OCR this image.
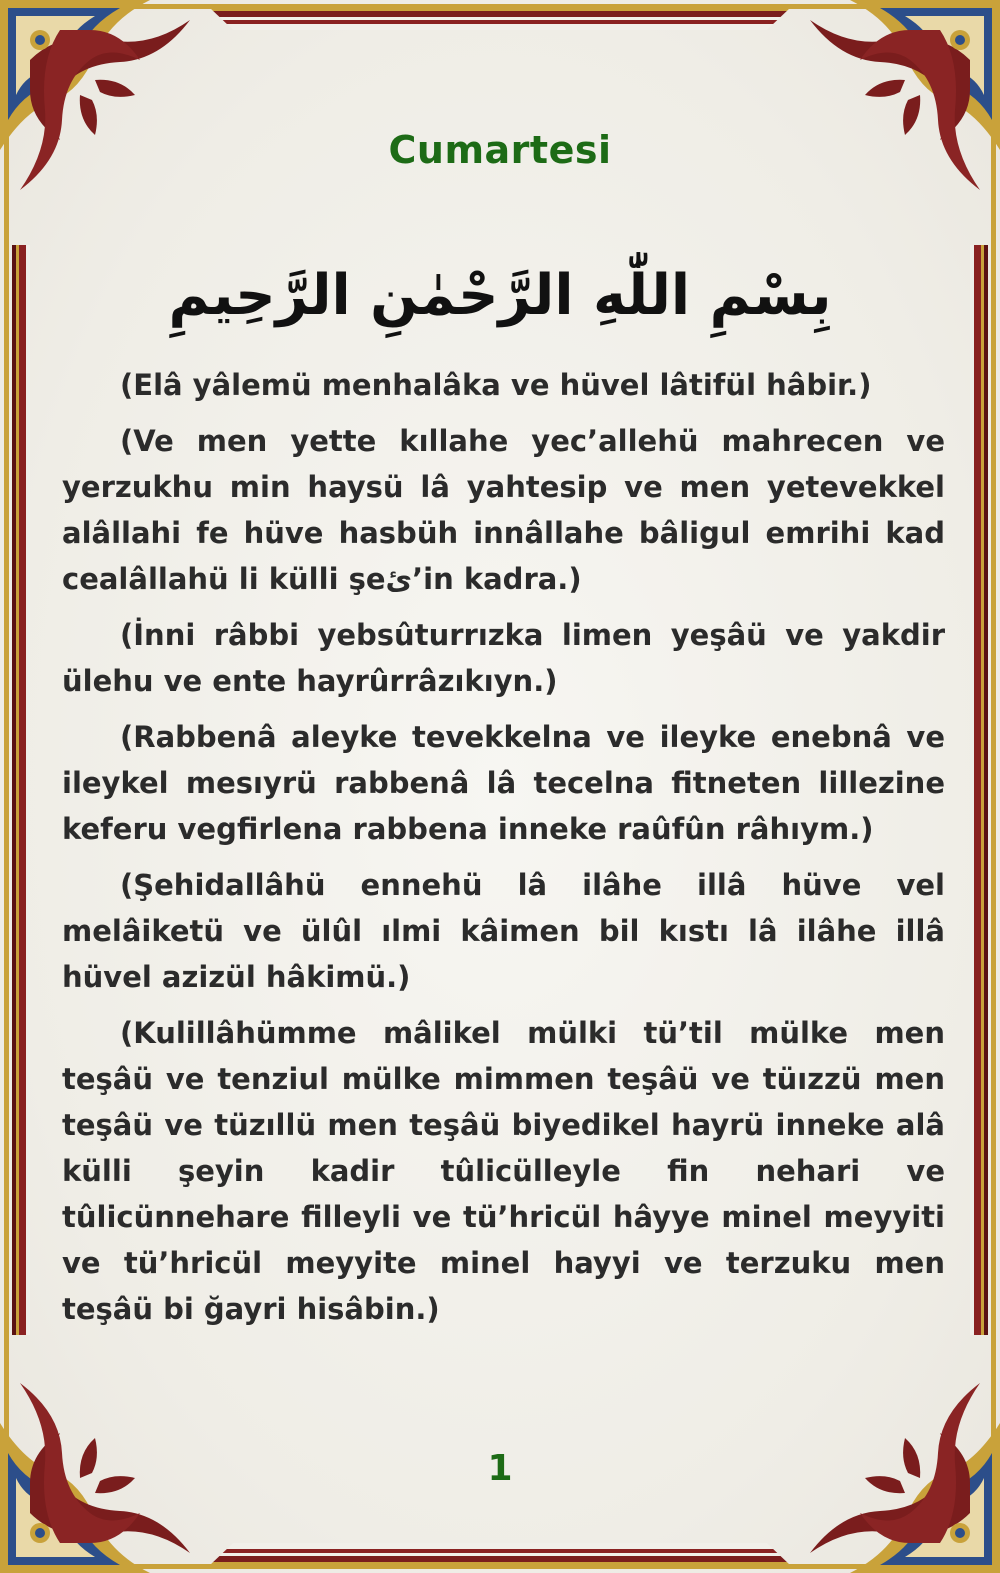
Cumartesi
بِسْمِ اللّٰهِ الرَّحْمٰنِ الرَّحِيمِ

(Elâ yâlemü menhalâka ve hüvel lâtifül hâbir.)

(Ve men yette kıllahe yec’allehü mahrecen ve yerzukhu min haysü lâ yahtesip ve men yetevekkel alâllahi fe hüve hasbüh innâllahe bâligul emrihi kad cealâllahü li külli şeئ’in kadra.)

(İnni râbbi yebsûturrızka limen yeşâü ve yakdir ülehu ve ente hayrûrrâzıkıyn.)

(Rabbenâ aleyke tevekkelna ve ileyke enebnâ ve ileykel mesıyrü rabbenâ lâ tecelna fitneten lillezine keferu vegfirlena rabbena inneke raûfûn râhıym.)

(Şehidallâhü ennehü lâ ilâhe illâ hüve vel melâiketü ve ülûl ılmi kâimen bil kıstı lâ ilâhe illâ hüvel azizül hâkimü.)

(Kulillâhümme mâlikel mülki tü’til mülke men teşâü ve tenziul mülke mimmen teşâü ve tüızzü men teşâü ve tüzıllü men teşâü biyedikel hayrü inneke alâ külli şeyin kadir tûlicülleyle fin nehari ve tûlicünnehare filleyli ve tü’hricül hâyye minel meyyiti ve tü’hricül meyyite minel hayyi ve terzuku men teşâü bi ğayri hisâbin.)

1
